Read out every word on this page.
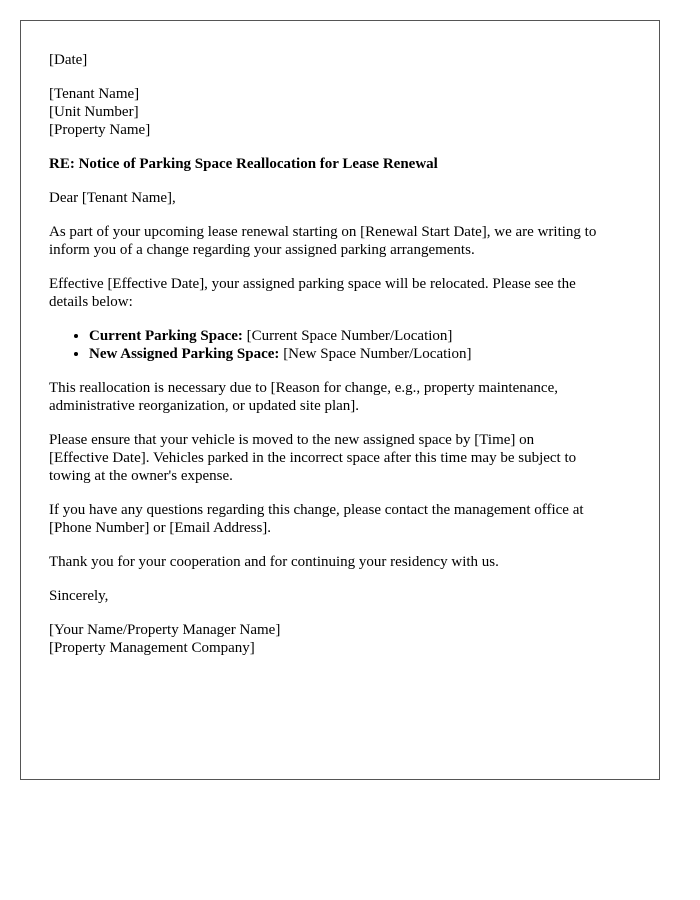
[Date]

[Tenant Name]
[Unit Number]
[Property Name]

RE: Notice of Parking Space Reallocation for Lease Renewal

Dear [Tenant Name],

As part of your upcoming lease renewal starting on [Renewal Start Date], we are writing to
inform you of a change regarding your assigned parking arrangements.

Effective [Effective Date], your assigned parking space will be relocated. Please see the
details below:

• Current Parking Space: [Current Space Number/Location]
• New Assigned Parking Space: [New Space Number/Location]

This reallocation is necessary due to [Reason for change, e.g., property maintenance,
administrative reorganization, or updated site plan].

Please ensure that your vehicle is moved to the new assigned space by [Time] on
[Effective Date]. Vehicles parked in the incorrect space after this time may be subject to
towing at the owner's expense.

If you have any questions regarding this change, please contact the management office at
[Phone Number] or [Email Address].

Thank you for your cooperation and for continuing your residency with us.

Sincerely,

[Your Name/Property Manager Name]
[Property Management Company]
